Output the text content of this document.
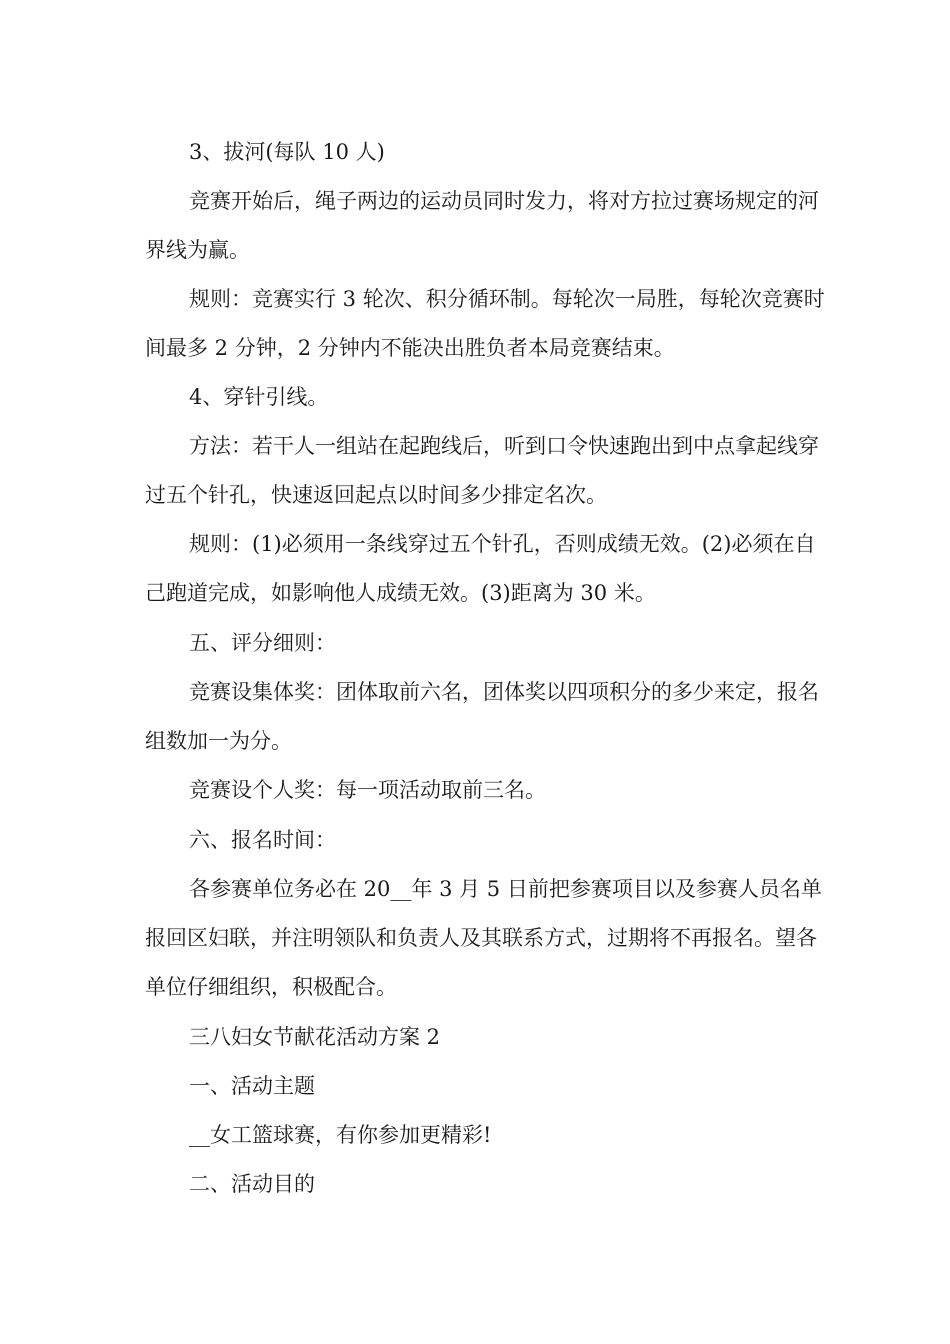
3、拔河(每队 10 人)

竞赛开始后，绳子两边的运动员同时发力，将对方拉过赛场规定的河界线为赢。

规则：竞赛实行 3 轮次、积分循环制。每轮次一局胜，每轮次竞赛时间最多 2 分钟，2 分钟内不能决出胜负者本局竞赛结束。

4、穿针引线。

方法：若干人一组站在起跑线后，听到口令快速跑出到中点拿起线穿过五个针孔，快速返回起点以时间多少排定名次。

规则：(1)必须用一条线穿过五个针孔，否则成绩无效。(2)必须在自己跑道完成，如影响他人成绩无效。(3)距离为 30 米。

五、评分细则：

竞赛设集体奖：团体取前六名，团体奖以四项积分的多少来定，报名组数加一为分。

竞赛设个人奖：每一项活动取前三名。

六、报名时间：

各参赛单位务必在 20__年 3 月 5 日前把参赛项目以及参赛人员名单报回区妇联，并注明领队和负责人及其联系方式，过期将不再报名。望各单位仔细组织，积极配合。

三八妇女节献花活动方案 2

一、活动主题

__女工篮球赛，有你参加更精彩!

二、活动目的
